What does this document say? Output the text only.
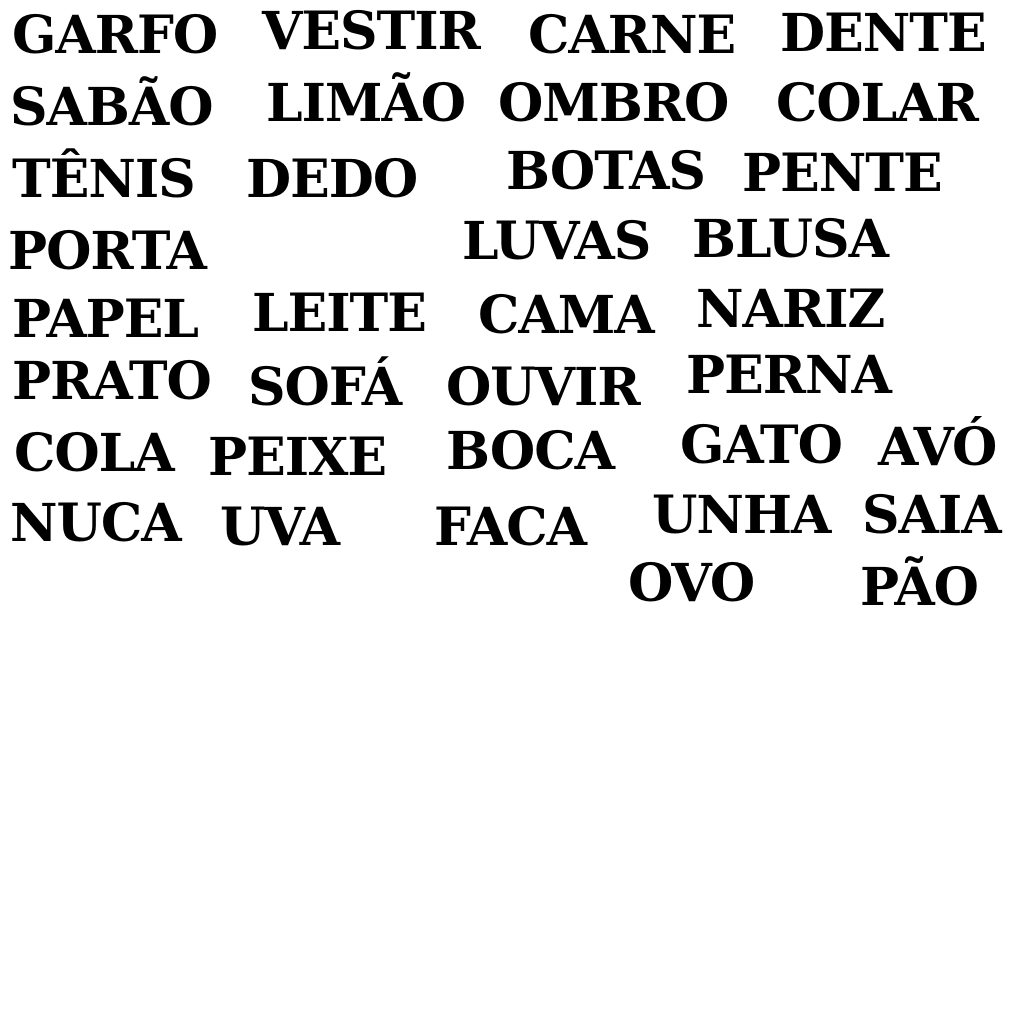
GARFO VESTIR CARNE DENTE
SABÃO LIMÃO OMBRO COLAR
TÊNIS DEDO BOTAS PENTE
PORTA	LUVAS BLUSA
PAPEL LEITE CAMA NARIZ
PRATO SOFÁ OUVIR PERNA
COLA PEIXE BOCA GATO AVÓ
NUCA UVA FACA UNHA SAIA
OVO PÃO
